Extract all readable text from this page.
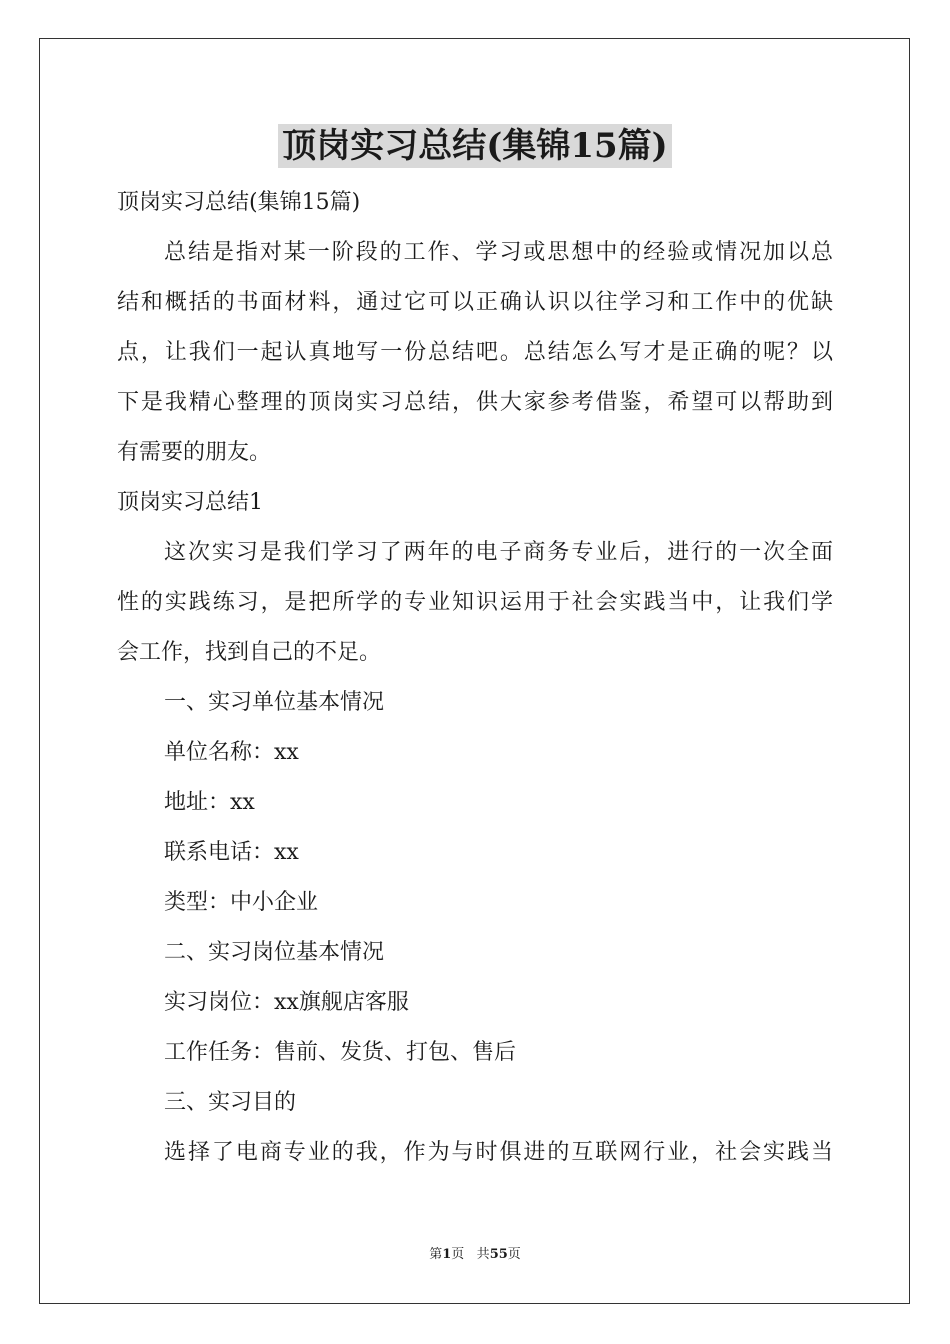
顶岗实习总结(集锦15篇)
顶岗实习总结(集锦15篇)
总结是指对某一阶段的工作、学习或思想中的经验或情况加以总
结和概括的书面材料，通过它可以正确认识以往学习和工作中的优缺
点，让我们一起认真地写一份总结吧。总结怎么写才是正确的呢？以
下是我精心整理的顶岗实习总结，供大家参考借鉴，希望可以帮助到
有需要的朋友。
顶岗实习总结1
这次实习是我们学习了两年的电子商务专业后，进行的一次全面
性的实践练习，是把所学的专业知识运用于社会实践当中，让我们学
会工作，找到自己的不足。
一、实习单位基本情况
单位名称：xx
地址：xx
联系电话：xx
类型：中小企业
二、实习岗位基本情况
实习岗位：xx旗舰店客服
工作任务：售前、发货、打包、售后
三、实习目的
选择了电商专业的我，作为与时俱进的互联网行业，社会实践当
第1页 共55页
